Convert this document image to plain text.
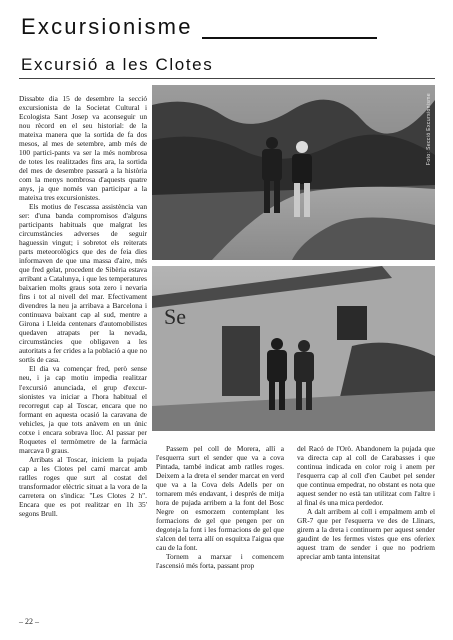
Excursionisme
Excursió a les Clotes

Dissabte dia 15 de desembre la secció excursionista de la Societat Cultural i Ecologista Sant Josep va aconseguir un nou rècord en el seu historial: de la mateixa manera que la sortida de fa dos mesos, al mes de setembre, amb més de 100 partici-pants va ser la més nombrosa de totes les realitzades fins ara, la sortida del mes de desembre passarà a la història com la menys nombrosa d'aquests quatre anys, ja que només van participar a la mateixa tres excursionistes.

Els motius de l'escassa assistència van ser: d'una banda compromisos d'alguns participants habituals que malgrat les circumstàncies adverses de seguir haguessin vingut; i sobretot els reiterats parts meteorològics que des de feia dies informaven de que una massa d'aire, més que fred gelat, procedent de Sibèria estava arribant a Catalunya, i que les temperatures baixarien molts graus sota zero i nevaria fins i tot al nivell del mar. Efectivament divendres la neu ja arribava a Barcelona i continuava baixant cap al sud, mentre a Girona i Lleida centenars d'automobilistes quedaven atrapats per la nevada, circumstàncies que obligaven a les autoritats a fer crides a la població a que no sortís de casa.

El dia va començar fred, però sense neu, i ja cap motiu impedia realitzar l'excursió anunciada, el grup d'excur-sionistes va iniciar a l'hora habitual el recorregut cap al Toscar, encara que no formant en aquesta ocasió la caravana de vehicles, ja que tots anàvem en un únic cotxe i encara sobrava lloc. Al passar per Roquetes el termòmetre de la farmàcia marcava 0 graus.

Arribats al Toscar, iniciem la pujada cap a les Clotes pel camí marcat amb ratlles roges que surt al costat del transformador elèctric situat a la vora de la carretera on s'indica: "Les Clotes 2 h". Encara que es pot realitzar en 1h 35' segons Brull.

Foto: Secció Excursionisme
Se

Passem pel coll de Morera, allí a l'esquerra surt el sender que va a cova Pintada, també indicat amb ratlles roges. Deixem a la dreta el sender marcat en verd que va a la Cova dels Adells per on tornarem més endavant, i després de mitja hora de pujada arribem a la font del Bosc Negre on esmorzem contemplant les formacions de gel que pengen per on degoteja la font i les formacions de gel que s'alcen del terra allí on esquitxa l'aigua que cau de la font.

Tornem a marxar i comencem l'ascensió més forta, passant prop

del Racó de l'Orò. Abandonem la pujada que va directa cap al coll de Carabasses i que continua indicada en color roig i anem per l'esquerra cap al coll d'en Caubet pel sender que continua empedrat, no obstant es nota que aquest sender no està tan utilitzat com l'altre i al final és una mica perdedor.

A dalt arribem al coll i empalmem amb el GR-7 que per l'esquerra ve des de Llinars, girem a la dreta i continuem per aquest sender gaudint de les fermes vistes que ens oferiex aquest tram de sender i que no podriem apreciar amb tanta intensitat

– 22 –
